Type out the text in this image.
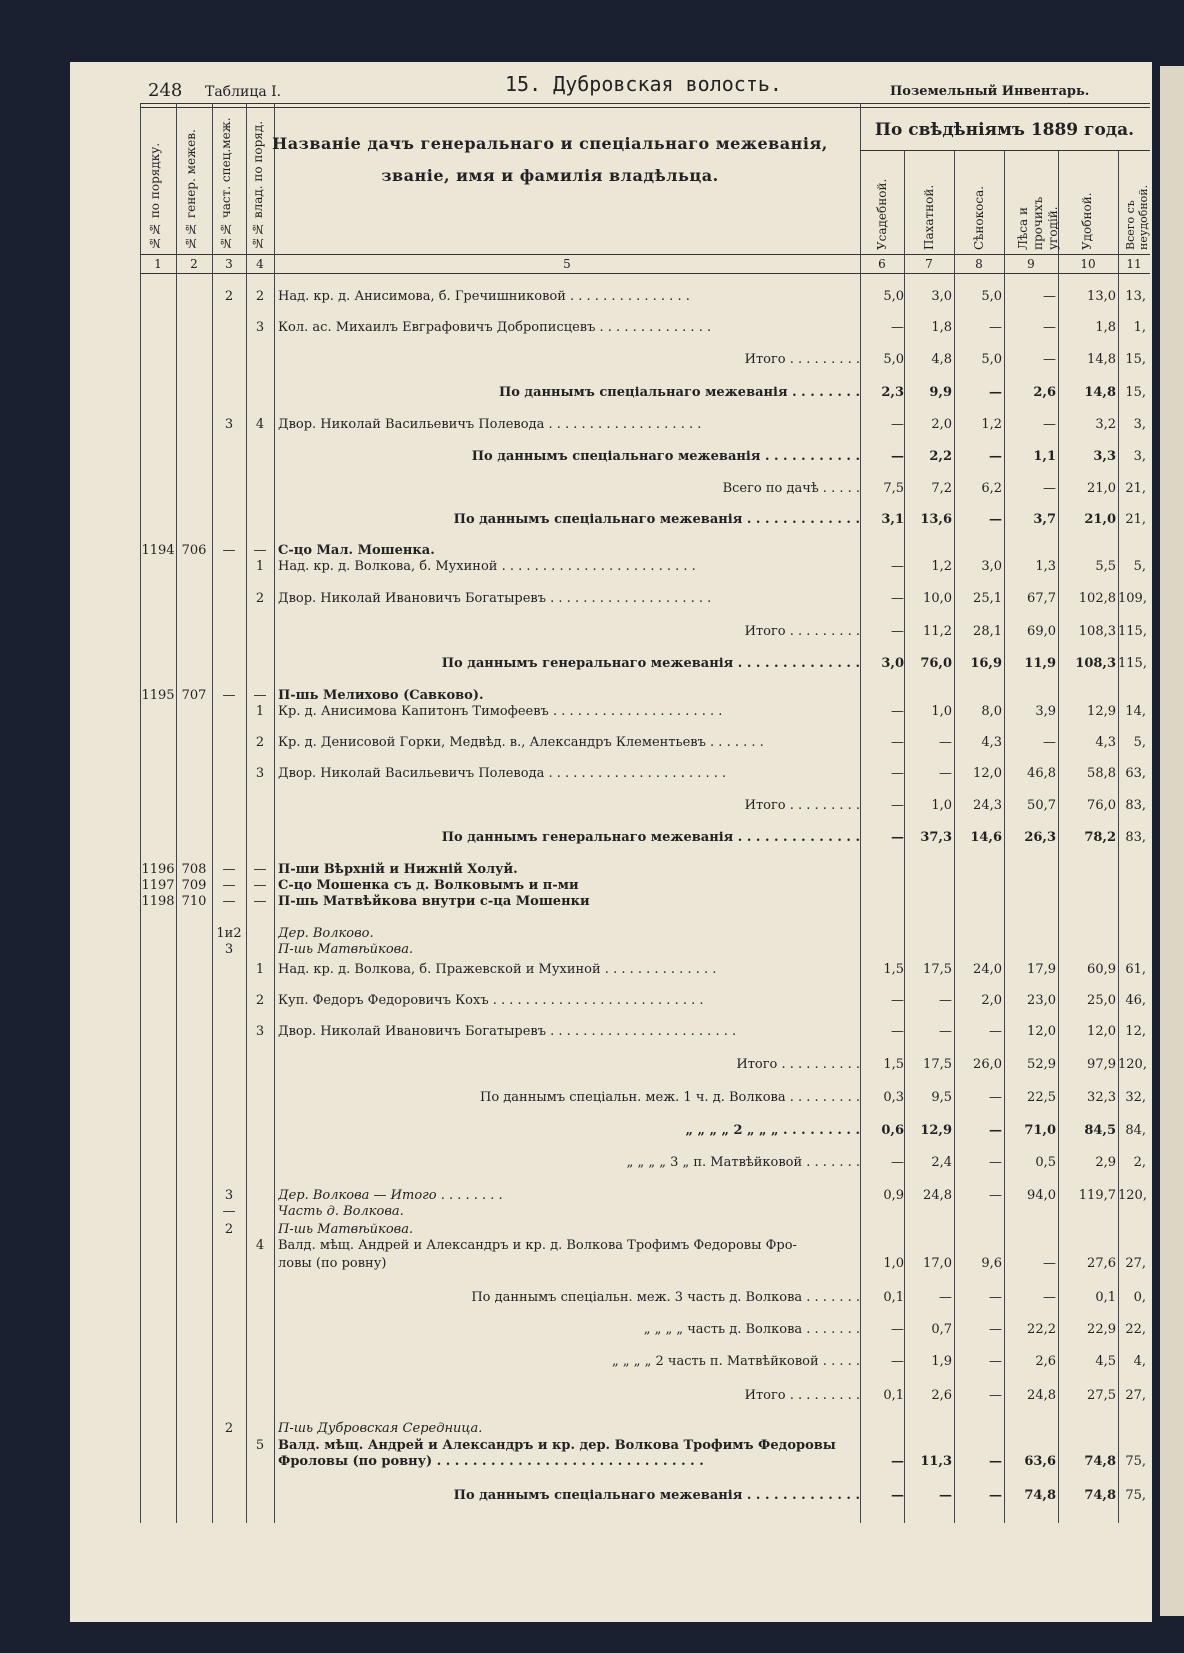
248 Таблица I.	15. Дубровская волость.	Поземельный Инвентарь.
№№ по порядку. №№ генер. межев. №№ част. спец.меж. №№ влад. по поряд. Названіе дачъ генеральнаго и спеціальнаго межеванія, званіе, имя и фамилія владѣльца.
По свѣдѣніямъ 1889 года.
Усадебной.	Пахатной.	Сѣнокоса.	Лѣса и прочихъ угодій. Удобной.	Всего съ неудобной.
1	2	3	4	5	6	7	8	9	10	11
2	2	Над. кр. д. Анисимова, б. Гречишниковой . . . . . . . . . . . . . . .	5,0	3,0	5,0	—	13,0 13,
3	Кол. ас. Михаилъ Евграфовичъ Доброписцевъ . . . . . . . . . . . . . .	—	1,8	—	—	1,8	1,
Итого . . . . . . . . .	5,0	4,8	5,0	—	14,8 15,
По даннымъ спеціальнаго межеванія . . . . . . . .	2,3	9,9	—	2,6	14,8 15,
3	4	Двор. Николай Васильевичъ Полевода . . . . . . . . . . . . . . . . . . .	—	2,0	1,2	—	3,2	3,
По даннымъ спеціальнаго межеванія . . . . . . . . . . .	—	2,2	—	1,1	3,3	3,
Всего по дачѣ . . . . .	7,5	7,2	6,2	—	21,0 21,
По даннымъ спеціальнаго межеванія . . . . . . . . . . . . .	3,1	13,6	—	3,7	21,0 21,
1194 706	—	— С-цо Мал. Мошенка.
1	Над. кр. д. Волкова, б. Мухиной . . . . . . . . . . . . . . . . . . . . . . . .	—	1,2	3,0	1,3	5,5	5,
2	Двор. Николай Ивановичъ Богатыревъ . . . . . . . . . . . . . . . . . . . .	—	10,0	25,1	67,7	102,8 109,
Итого . . . . . . . . .	—	11,2	28,1	69,0	108,3 115,
По даннымъ генеральнаго межеванія . . . . . . . . . . . . . .	3,0	76,0	16,9	11,9	108,3 115,
1195 707	—	— П-шь Мелихово (Савково).
1	Кр. д. Анисимова Капитонъ Тимофеевъ . . . . . . . . . . . . . . . . . . . . .	—	1,0	8,0	3,9	12,9 14,
2	Кр. д. Денисовой Горки, Медвѣд. в., Александръ Клементьевъ . . . . . . .	—	—	4,3	—	4,3	5,
3	Двор. Николай Васильевичъ Полевода . . . . . . . . . . . . . . . . . . . . . .	—	—	12,0	46,8	58,8 63,
Итого . . . . . . . . .	—	1,0	24,3	50,7	76,0 83,
По даннымъ генеральнаго межеванія . . . . . . . . . . . . . .	—	37,3	14,6	26,3	78,2 83,
1196 708	—	— П-ши Вѣрхній и Нижній Холуй.
1197 709	—	— С-цо Мошенка съ д. Волковымъ и п-ми
1198 710	—	— П-шь Матвѣйкова внутри с-ца Мошенки
1и2	Дер. Волково.
3	П-шь Матвѣйкова.
1	Над. кр. д. Волкова, б. Пражевской и Мухиной . . . . . . . . . . . . . .	1,5	17,5	24,0	17,9	60,9 61,
2	Куп. Федоръ Федоровичъ Кохъ . . . . . . . . . . . . . . . . . . . . . . . . . .	—	—	2,0	23,0	25,0 46,
3	Двор. Николай Ивановичъ Богатыревъ . . . . . . . . . . . . . . . . . . . . . . .	—	—	—	12,0	12,0 12,
Итого . . . . . . . . . .	1,5	17,5	26,0	52,9	97,9 120,
По даннымъ спеціальн. меж. 1 ч. д. Волкова . . . . . . . . .	0,3	9,5	—	22,5	32,3 32,
„ „ „ „ 2 „ „ „ . . . . . . . . .	0,6	12,9	—	71,0	84,5 84,
„ „ „ „ 3 „ п. Матвѣйковой . . . . . . .	—	2,4	—	0,5	2,9	2,
3	Дер. Волкова — Итого . . . . . . . .	0,9	24,8	—	94,0	119,7 120,
—	Часть д. Волкова.
2	П-шь Матвѣйкова.
4	Валд. мѣщ. Андрей и Александръ и кр. д. Волкова Трофимъ Федоровы Фро-
ловы (по ровну)	1,0	17,0	9,6	—	27,6 27,
По даннымъ спеціальн. меж. 3 часть д. Волкова . . . . . . .	0,1	—	—	—	0,1	0,
„ „ „ „ часть д. Волкова . . . . . . .	—	0,7	—	22,2	22,9 22,
„ „ „ „ 2 часть п. Матвѣйковой . . . . .	—	1,9	—	2,6	4,5	4,
Итого . . . . . . . . .	0,1	2,6	—	24,8	27,5 27,
2	П-шь Дубровская Середница.
5	Валд. мѣщ. Андрей и Александръ и кр. дер. Волкова Трофимъ Федоровы
Фроловы (по ровну) . . . . . . . . . . . . . . . . . . . . . . . . . . . . . .	—	11,3	—	63,6	74,8 75,
По даннымъ спеціальнаго межеванія . . . . . . . . . . . . .	—	—	—	74,8	74,8 75,
